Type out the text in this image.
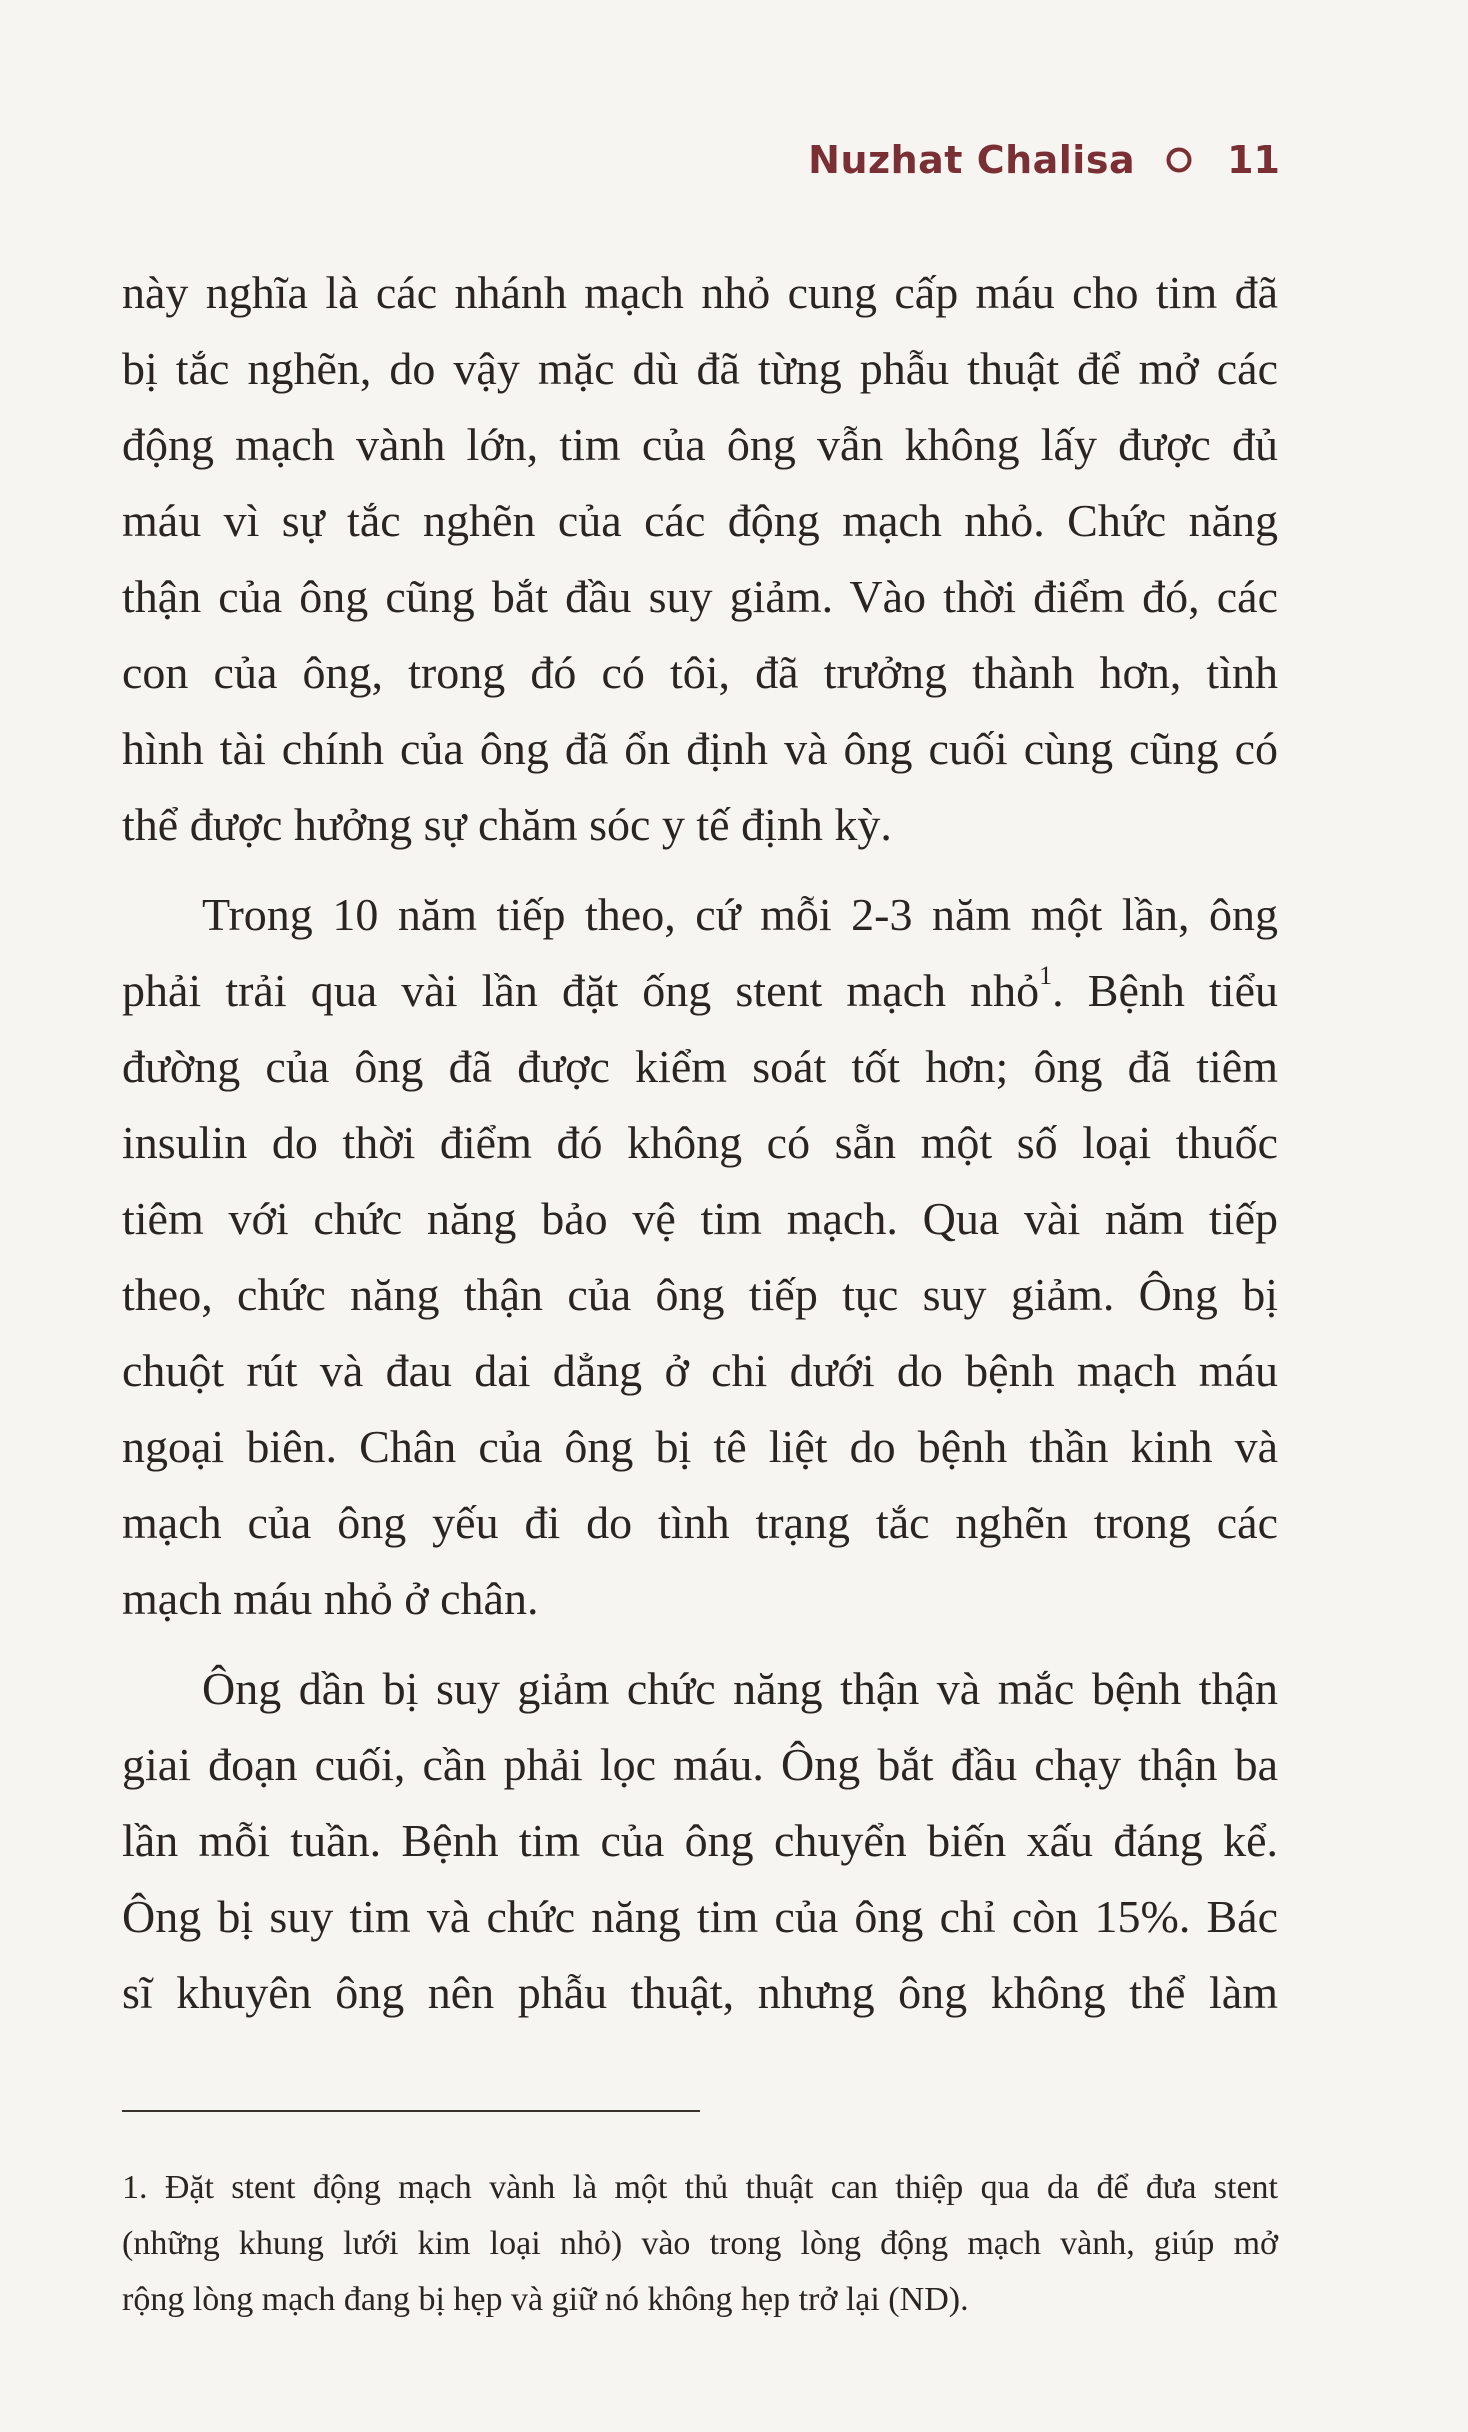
Nuzhat Chalisa 11
này nghĩa là các nhánh mạch nhỏ cung cấp máu cho tim đã
bị tắc nghẽn, do vậy mặc dù đã từng phẫu thuật để mở các
động mạch vành lớn, tim của ông vẫn không lấy được đủ
máu vì sự tắc nghẽn của các động mạch nhỏ. Chức năng
thận của ông cũng bắt đầu suy giảm. Vào thời điểm đó, các
con của ông, trong đó có tôi, đã trưởng thành hơn, tình
hình tài chính của ông đã ổn định và ông cuối cùng cũng có
thể được hưởng sự chăm sóc y tế định kỳ.
Trong 10 năm tiếp theo, cứ mỗi 2-3 năm một lần, ông
phải trải qua vài lần đặt ống stent mạch nhỏ$^1$. Bệnh tiểu
đường của ông đã được kiểm soát tốt hơn; ông đã tiêm
insulin do thời điểm đó không có sẵn một số loại thuốc
tiêm với chức năng bảo vệ tim mạch. Qua vài năm tiếp
theo, chức năng thận của ông tiếp tục suy giảm. Ông bị
chuột rút và đau dai dẳng ở chi dưới do bệnh mạch máu
ngoại biên. Chân của ông bị tê liệt do bệnh thần kinh và
mạch của ông yếu đi do tình trạng tắc nghẽn trong các
mạch máu nhỏ ở chân.
Ông dần bị suy giảm chức năng thận và mắc bệnh thận
giai đoạn cuối, cần phải lọc máu. Ông bắt đầu chạy thận ba
lần mỗi tuần. Bệnh tim của ông chuyển biến xấu đáng kể.
Ông bị suy tim và chức năng tim của ông chỉ còn 15%. Bác
sĩ khuyên ông nên phẫu thuật, nhưng ông không thể làm
1. Đặt stent động mạch vành là một thủ thuật can thiệp qua da để đưa stent
(những khung lưới kim loại nhỏ) vào trong lòng động mạch vành, giúp mở
rộng lòng mạch đang bị hẹp và giữ nó không hẹp trở lại (ND).
